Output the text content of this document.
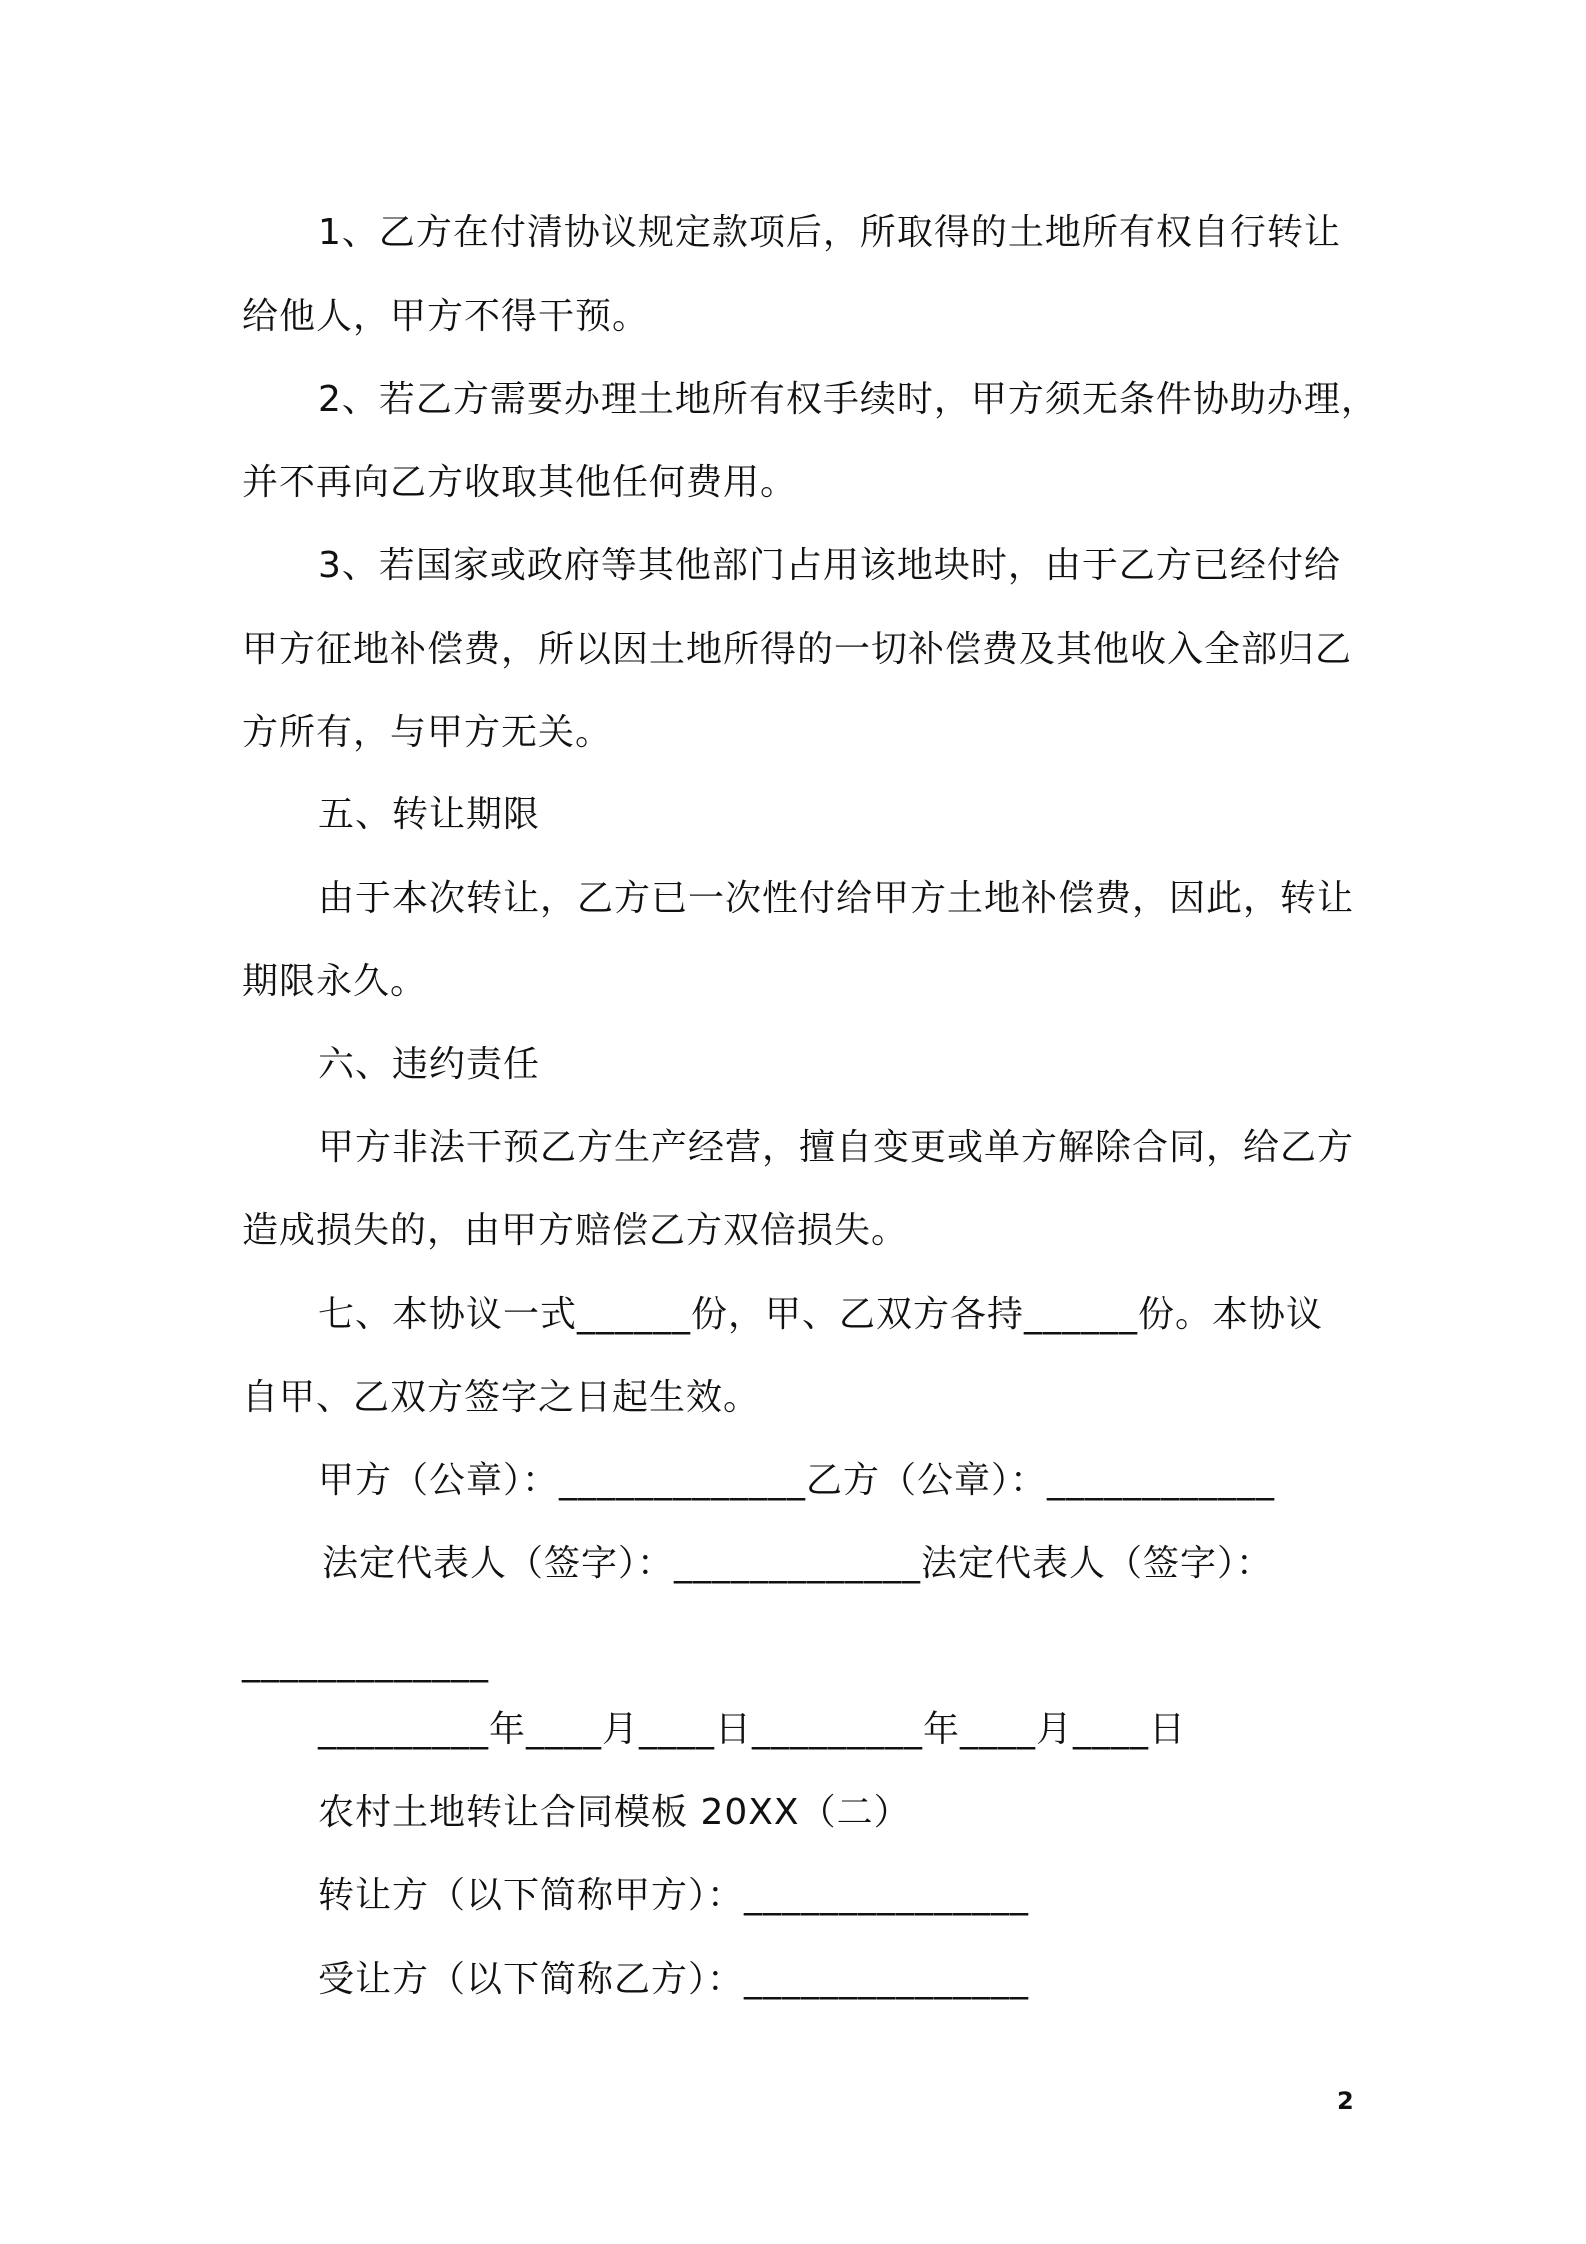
1、乙方在付清协议规定款项后，所取得的土地所有权自行转让
给他人，甲方不得干预。
2、若乙方需要办理土地所有权手续时，甲方须无条件协助办理，
并不再向乙方收取其他任何费用。
3、若国家或政府等其他部门占用该地块时，由于乙方已经付给
甲方征地补偿费，所以因土地所得的一切补偿费及其他收入全部归乙
方所有，与甲方无关。
五、转让期限
由于本次转让，乙方已一次性付给甲方土地补偿费，因此，转让
期限永久。
六、违约责任
甲方非法干预乙方生产经营，擅自变更或单方解除合同，给乙方
造成损失的，由甲方赔偿乙方双倍损失。
七、本协议一式______份，甲、乙双方各持______份。本协议
自甲、乙双方签字之日起生效。
甲方（公章）：_____________乙方（公章）：____________
法定代表人（签字）：_____________法定代表人（签字）：
_____________
_________年____月____日_________年____月____日
农村土地转让合同模板 20XX（二）
转让方（以下简称甲方）：_______________
受让方（以下简称乙方）：_______________
2
